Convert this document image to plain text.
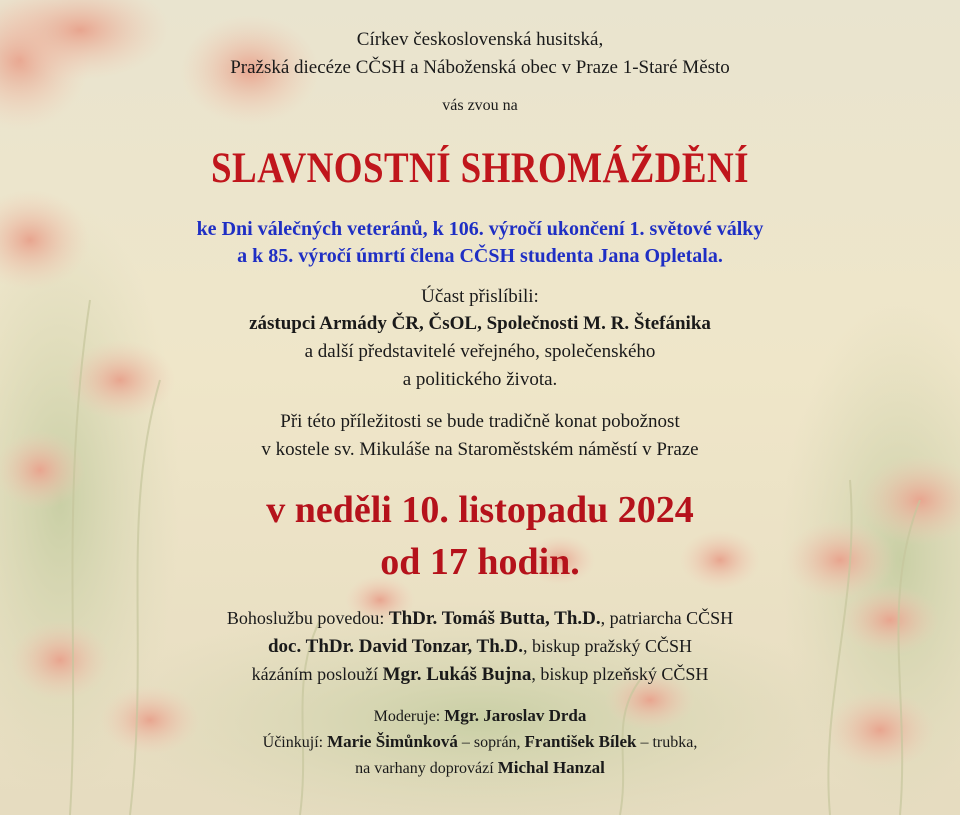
Církev československá husitská,
Pražská diecéze CČSH a Náboženská obec v Praze 1-Staré Město
vás zvou na
SLAVNOSTNÍ SHROMÁŽDĚNÍ
ke Dni válečných veteránů, k 106. výročí ukončení 1. světové války
a k 85. výročí úmrtí člena CČSH studenta Jana Opletala.
Účast přislíbili:
zástupci Armády ČR, ČsOL, Společnosti M. R. Štefánika
a další představitelé veřejného, společenského
a politického života.
Při této příležitosti se bude tradičně konat pobožnost
v kostele sv. Mikuláše na Staroměstském náměstí v Praze
v neděli 10. listopadu 2024
od 17 hodin.
Bohoslužbu povedou: ThDr. Tomáš Butta, Th.D., patriarcha CČSH
doc. ThDr. David Tonzar, Th.D., biskup pražský CČSH
kázáním poslouží Mgr. Lukáš Bujna, biskup plzeňský CČSH
Moderuje: Mgr. Jaroslav Drda
Účinkují: Marie Šimůnková – soprán, František Bílek – trubka,
na varhany doprovází Michal Hanzal
